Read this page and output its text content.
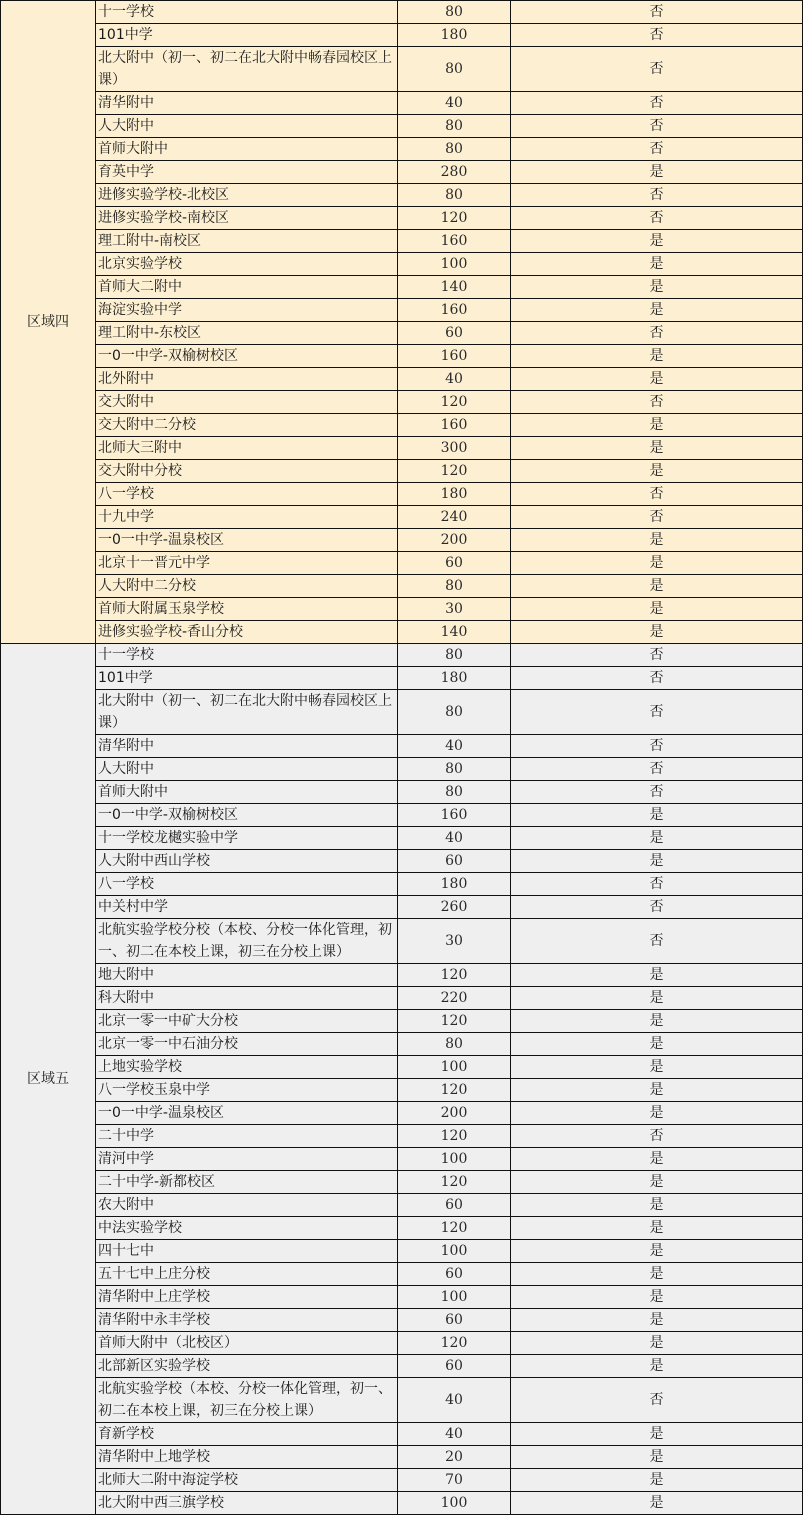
区域四	十一学校	80	否
	101中学	180	否
	北大附中（初一、初二在北大附中畅春园校区上课）	80	否
	清华附中	40	否
	人大附中	80	否
	首师大附中	80	否
	育英中学	280	是
	进修实验学校-北校区	80	否
	进修实验学校-南校区	120	否
	理工附中-南校区	160	是
	北京实验学校	100	是
	首师大二附中	140	是
	海淀实验中学	160	是
	理工附中-东校区	60	否
	一0一中学-双榆树校区	160	是
	北外附中	40	是
	交大附中	120	否
	交大附中二分校	160	是
	北师大三附中	300	是
	交大附中分校	120	是
	八一学校	180	否
	十九中学	240	否
	一0一中学-温泉校区	200	是
	北京十一晋元中学	60	是
	人大附中二分校	80	是
	首师大附属玉泉学校	30	是
	进修实验学校-香山分校	140	是
区域五	十一学校	80	否
	101中学	180	否
	北大附中（初一、初二在北大附中畅春园校区上课）	80	否
	清华附中	40	否
	人大附中	80	否
	首师大附中	80	否
	一0一中学-双榆树校区	160	是
	十一学校龙樾实验中学	40	是
	人大附中西山学校	60	是
	八一学校	180	否
	中关村中学	260	否
	北航实验学校分校（本校、分校一体化管理，初一、初二在本校上课，初三在分校上课）	30	否
	地大附中	120	是
	科大附中	220	是
	北京一零一中矿大分校	120	是
	北京一零一中石油分校	80	是
	上地实验学校	100	是
	八一学校玉泉中学	120	是
	一0一中学-温泉校区	200	是
	二十中学	120	否
	清河中学	100	是
	二十中学-新都校区	120	是
	农大附中	60	是
	中法实验学校	120	是
	四十七中	100	是
	五十七中上庄分校	60	是
	清华附中上庄学校	100	是
	清华附中永丰学校	60	是
	首师大附中（北校区）	120	是
	北部新区实验学校	60	是
	北航实验学校（本校、分校一体化管理，初一、初二在本校上课，初三在分校上课）	40	否
	育新学校	40	是
	清华附中上地学校	20	是
	北师大二附中海淀学校	70	是
	北大附中西三旗学校	100	是
